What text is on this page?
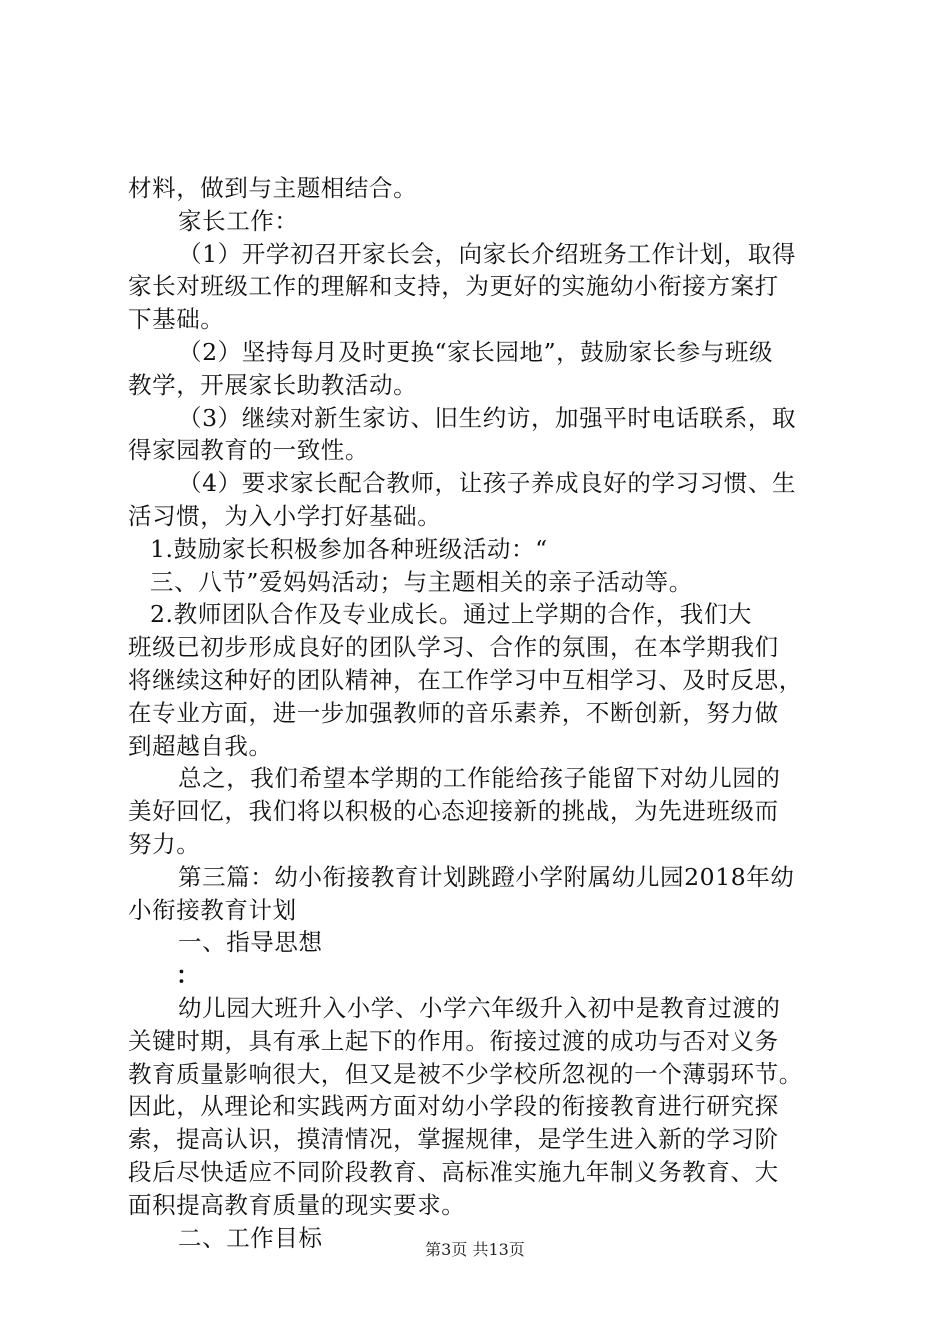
材料，做到与主题相结合。
家长工作：
（1）开学初召开家长会，向家长介绍班务工作计划，取得
家长对班级工作的理解和支持，为更好的实施幼小衔接方案打
下基础。
（2）坚持每月及时更换“家长园地”，鼓励家长参与班级
教学，开展家长助教活动。
（3）继续对新生家访、旧生约访，加强平时电话联系，取
得家园教育的一致性。
（4）要求家长配合教师，让孩子养成良好的学习习惯、生
活习惯，为入小学打好基础。
1.鼓励家长积极参加各种班级活动：“
三、八节”爱妈妈活动；与主题相关的亲子活动等。
2.教师团队合作及专业成长。通过上学期的合作，我们大
班级已初步形成良好的团队学习、合作的氛围，在本学期我们
将继续这种好的团队精神，在工作学习中互相学习、及时反思，
在专业方面，进一步加强教师的音乐素养，不断创新，努力做
到超越自我。
总之，我们希望本学期的工作能给孩子能留下对幼儿园的
美好回忆，我们将以积极的心态迎接新的挑战，为先进班级而
努力。
第三篇：幼小衔接教育计划跳蹬小学附属幼儿园2018年幼
小衔接教育计划
一、指导思想
：
幼儿园大班升入小学、小学六年级升入初中是教育过渡的
关键时期，具有承上起下的作用。衔接过渡的成功与否对义务
教育质量影响很大，但又是被不少学校所忽视的一个薄弱环节。
因此，从理论和实践两方面对幼小学段的衔接教育进行研究探
索，提高认识，摸清情况，掌握规律，是学生进入新的学习阶
段后尽快适应不同阶段教育、高标准实施九年制义务教育、大
面积提高教育质量的现实要求。
二、工作目标	第3页 共13页
